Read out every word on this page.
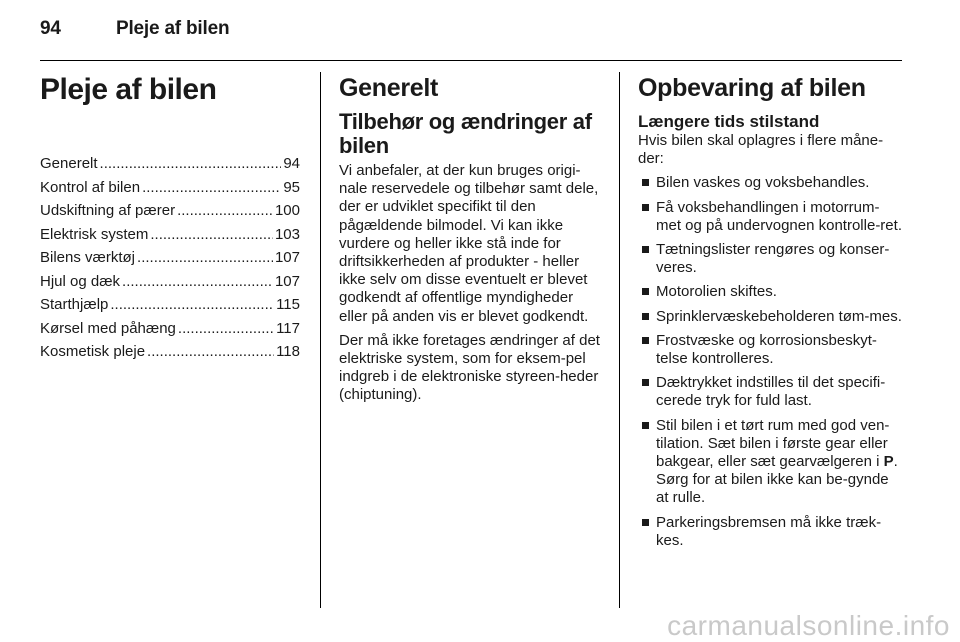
94	Pleje af bilen
Pleje af bilen
Generelt .....	94
Kontrol af bilen .....	95
Udskiftning af pærer .....	100
Elektrisk system .....	103
Bilens værktøj .....	107
Hjul og dæk .....	107
Starthjælp .....	115
Kørsel med påhæng .....	117
Kosmetisk pleje .....	118
Generelt
Tilbehør og ændringer af bilen

Vi anbefaler, at der kun bruges origi-nale reservedele og tilbehør samt dele, der er udviklet specifikt til den pågældende bilmodel. Vi kan ikke vurdere og heller ikke stå inde for driftsikkerheden af produkter - heller ikke selv om disse eventuelt er blevet godkendt af offentlige myndigheder eller på anden vis er blevet godkendt.

Der må ikke foretages ændringer af det elektriske system, som for eksem-pel indgreb i de elektroniske styreen-heder (chiptuning).

Opbevaring af bilen
Længere tids stilstand

Hvis bilen skal oplagres i flere måne-der:

Bilen vaskes og voksbehandles.
Få voksbehandlingen i motorrum-met og på undervognen kontrolle-ret.
Tætningslister rengøres og konser-veres.
Motorolien skiftes.
Sprinklervæskebeholderen tøm-mes.
Frostvæske og korrosionsbeskyt-telse kontrolleres.
Dæktrykket indstilles til det specifi-cerede tryk for fuld last.
Stil bilen i et tørt rum med god ven-tilation. Sæt bilen i første gear eller bakgear, eller sæt gearvælgeren i P. Sørg for at bilen ikke kan be-gynde at rulle.
Parkeringsbremsen må ikke træk-kes.
carmanualsonline.info
